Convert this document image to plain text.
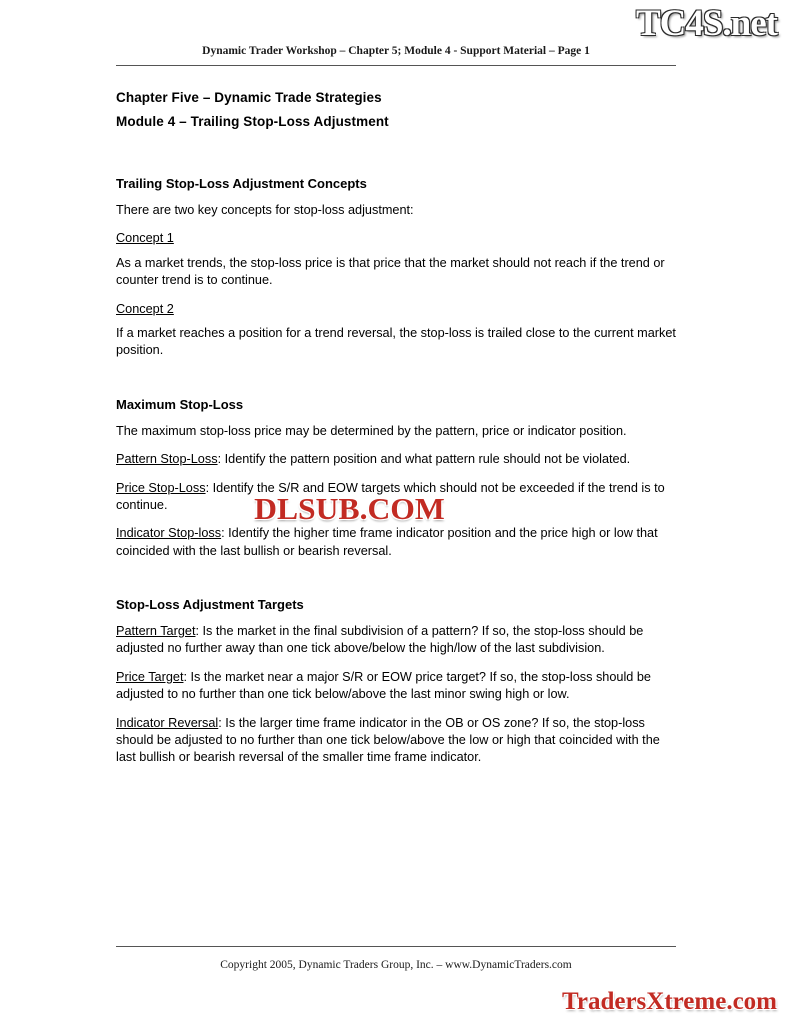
TC4S.net
Dynamic Trader Workshop – Chapter 5; Module 4 - Support Material – Page 1
Chapter Five – Dynamic Trade Strategies
Module 4 – Trailing Stop-Loss Adjustment
Trailing Stop-Loss Adjustment Concepts

There are two key concepts for stop-loss adjustment:

Concept 1

As a market trends, the stop-loss price is that price that the market should not reach if the trend or counter trend is to continue.

Concept 2

If a market reaches a position for a trend reversal, the stop-loss is trailed close to the current market position.

Maximum Stop-Loss

The maximum stop-loss price may be determined by the pattern, price or indicator position.

Pattern Stop-Loss: Identify the pattern position and what pattern rule should not be violated.

Price Stop-Loss: Identify the S/R and EOW targets which should not be exceeded if the trend is to continue.

Indicator Stop-loss: Identify the higher time frame indicator position and the price high or low that coincided with the last bullish or bearish reversal.

Stop-Loss Adjustment Targets

Pattern Target: Is the market in the final subdivision of a pattern? If so, the stop-loss should be adjusted no further away than one tick above/below the high/low of the last subdivision.

Price Target: Is the market near a major S/R or EOW price target? If so, the stop-loss should be adjusted to no further than one tick below/above the last minor swing high or low.

Indicator Reversal: Is the larger time frame indicator in the OB or OS zone? If so, the stop-loss should be adjusted to no further than one tick below/above the low or high that coincided with the last bullish or bearish reversal of the smaller time frame indicator.

DLSUB.COM
Copyright 2005, Dynamic Traders Group, Inc. – www.DynamicTraders.com
TradersXtreme.com
